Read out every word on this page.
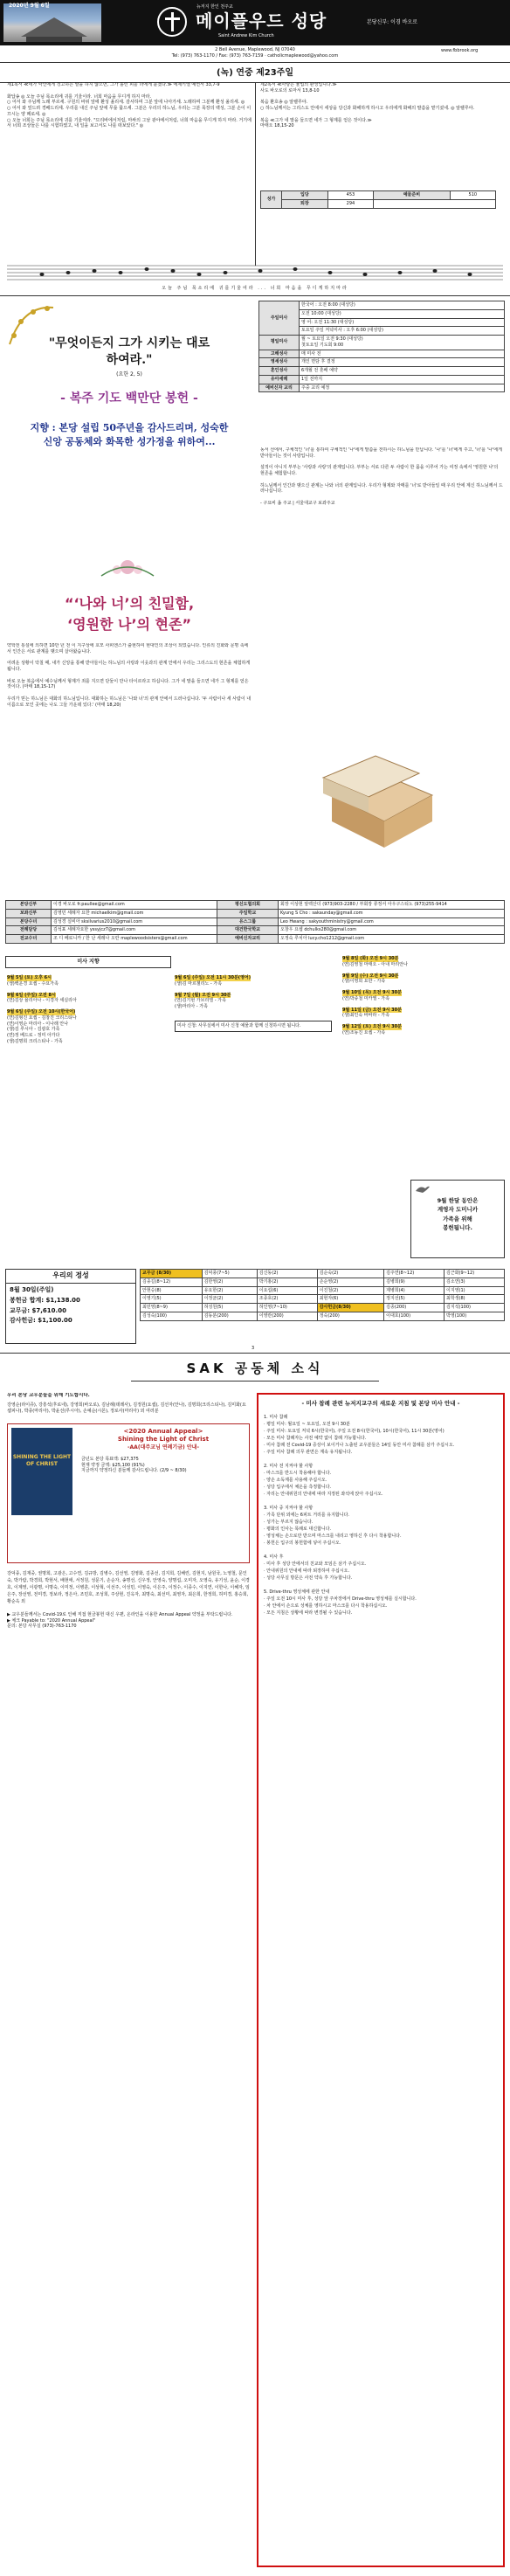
2020년 9월 6일	뉴저지 한인 천주교
메이플우드 성당
Saint Andrew Kim Church
본당신부: 이경 바오로
2 Bell Avenue, Maplewood, NJ 07040
Tel: (973) 763-1170 / Fax: (973) 763-7159 · catholicmaplewood@yahoo.com
www.fbbrook.org
(녹) 연중 제23주일
제1독서 ≪네가 악인에게 경고하는 말을 하지 않으면, 그가 흘린 피를 너에게 묻겠다.≫ 에제키엘 예언서 33,7-9

화답송 ◎ 오늘 주님 목소리에 귀를 기울이라. 너희 마음을 무디게 하지 마라.
○ 어서 와 주님께 노래 부르세. 구원의 바위 앞에 환성 올리세. 감사하며 그분 앞에 나아가세. 노래하며 그분께 환성 올리세. ◎
○ 어서 와 엎드려 경배드리세. 우리를 내신 주님 앞에 무릎 꿇으세. 그분은 우리의 하느님, 우리는 그분 목장의 백성, 그분 손이 이끄시는 양 떼로세. ◎
○ 오늘 너희는 주님 목소리에 귀를 기울여라. "므리바에서처럼, 마싸의 그날 광야에서처럼, 너희 마음을 무디게 하지 마라. 거기에서 너희 조상들은 나를 시험하였고, 내 일을 보고서도 나를 떠보았다." ◎
제2독서 ≪사랑은 율법의 완성입니다.≫
사도 바오로의 로마서 13,8-10

복음 환호송 ◎ 알렐루야.
○ 하느님께서는 그리스도 안에서 세상을 당신과 화해하게 하시고 우리에게 화해의 말씀을 맡기셨네. ◎ 알렐루야.

복음 ≪그가 네 말을 들으면 네가 그 형제를 얻은 것이다.≫
마태오 18,15-20
성가	입당	453	예물준비	510
	퇴장	294		
오늘 주님 목소리에 귀를기울여라 ... 너희 마음을 무디게하지마라
"무엇이든지 그가 시키는 대로 하여라."
(요한 2, 5)
- 복주 기도 백만단 봉헌 -
지향 : 본당 설립 50주년을 감사드리며, 성숙한 신앙 공동체와 화목한 성가정을 위하여...
주일미사	한국어 : 오전 8:00 (대성당)
	오전 10:00 (대성당)
	영 어: 오전 11:30 (대성당)
	토요일 주일 저녁미사 : 오후 6:00 (대성당)
평일미사	월 ~ 토요일 오전 9:30 (대성당)
첫토요일 기도회 9:00
고해성사	매 미사 전
영세성사	개인 면담 후 결정
혼인성사	6개월 전 혼배 예약
유아세례	1일 전까지
예비신자 교리	주중 교리 예정
“‘나와 너’의 친밀함,
‘영원한 나’의 현존”
약학전 통설에 의하면 10만 년 전 이 지구상에 호모 사피엔스가 출현하여 현대인의 조상이 되었습니다. 인류의 진화와 문명 속에서 인간은 서로 관계를 맺으며 살아왔습니다.

어려운 상황이 닥칠 때, 내가 신앙을 통해 받아들이는 하느님의 사랑과 이웃과의 관계 안에서 우리는 그리스도의 현존을 체험하게 됩니다.

바로 오늘 복음에서 예수님께서 형제가 죄를 지으면 단둘이 만나 타이르라고 하십니다. 그가 네 말을 들으면 네가 그 형제를 얻은 것이다. (마태 18,15-17)

우리가 믿는 하느님은 대화의 하느님입니다. 대화하는 하느님은 '나와 너'의 관계 안에서 드러나십니다. '두 사람이나 세 사람이 내 이름으로 모인 곳에는 나도 그들 가운데 있다.' (마태 18,20)
동서 선에서, 구체적인 '너'를 통하여 구체적인 '나'에게 말씀을 전하시는 하느님을 만납니다. '나'를 '너'에게 주고, '너'를 '나'에게 받아들이는 것이 사랑입니다.

설적이 아니지 부부는 '사랑과 사랑'의 관계입니다. 부부는 서로 다른 두 사람이 한 몸을 이루어 가는 여정 속에서 '영원한 나'의 현존을 체험합니다.

하느님께서 인간과 맺으신 관계는 나와 너의 관계입니다. 우리가 형제와 자매를 '너'로 받아들일 때 우리 안에 계신 하느님께서 드러나십니다.

- 구요비 욥 주교 | 서울대교구 보좌주교
본당신부	이경 바오로 fr.paullee@gmail.com	평신도협의회	회장 이상현 알렉산더 (973)903-2280 / 부회장 류정서 아우구스티노 (973)255-9414
보좌신부	김영민 세례자 요한 michaelkim@gmail.com	주일학교	Kyung S Cho : sakaunday@gmail.com
본당수녀	김성경 실비아 sksilvarius2010@gmail.com	유스그룹	Leo Hwang : sakyouthministry@gmail.com
전례담당	김석표 세례자요한 yssyjcz7@gmail.com	대건한국학교	오창우 요셉 dchulks280@gmail.com
전교수녀	조 디 베로니카 / 한 난 세레나 오란 maplewoodsisters@gmail.com	예비신자교리	오정숙 루치아 lucy.cho1212@gmail.com
미사 지향
9월 5일 (토) 오후 6시
(생)백운경 요셉 - 수요가족
9월 6일 (주일) 오전 8시
(연)김상 율리아나 - 이경자 세실리아
9월 6일 (주일) 오전 10시(한국어)
(연)김형진 요셉 - 김창진 크리스티나
(연)이영순 마리아 - 이나래 안나
(생)김 루시아 - 김광호 가족
(연)정 베드로 - 정미 아가다
(생)김명희 크리스티나 - 가족
9월 6일 (주일) 오전 11시 30분(영어)
(생)김 마르첼리노 - 가족
9월 7일 (월) 오전 9시 30분
(연)김기현 가브리엘 - 가족
(생)마리아 - 가족
미사 신청: 사무실에서 미사 신청 예물과 함께 신청하시면 됩니다.
9월 8일 (화) 오전 9시 30분
(연)김영철 마태오 - 아내 마리안나
9월 9일 (수) 오전 9시 30분
(생)이영희 요한 - 가족
9월 10일 (목) 오전 9시 30분
(연)박종철 미카엘 - 가족
9월 11일 (금) 오전 9시 30분
(생)최인숙 바바라 - 가족
9월 12일 (토) 오전 9시 30분
(연)조동진 요셉 - 가족
9월 한달 동안은
계영자 도미니카
가족을 위해
봉헌됩니다.
우리의 정성
8월 30일(주일)
봉헌금 합계: $1,138.00
교무금: $7,610.00
감사헌금: $1,100.00
교무금 (8/30)	김덕풍(7~5)	김신동(2)	김순숙(2)	김주연(8~12)	김근화(9~12)
김종길(8~12)	김한영(2)	박기홍(2)	손순영(2)	김병희(9)	김소연(3)
안현승(8)	유요한(2)	이요섭(6)	이진철(2)	제병희(4)	이지영(1)
이영기(5)	이정균(2)	조종호(2)	최현자(6)	정지선(5)	최학생(8)
최민영(8~9)	허성원(5)	허인영(7~10)	감사헌금(8/30)	김종(200)	김지석(100)
김성숙(100)	김동분(200)	이영란(200)	정숙(200)	이대호(100)	박영(100)
3
SAK 공동체 소식
우리 본당 교우분들을 위해 기도합시다.
강영순(라이쥬), 강흥석(후로네), 강영희(바오로), 김남례(데레사), 김정원(요셉), 김선자(안나), 김명희(크리스티나), 김미화(요셉피나), 박종(마리아), 박윤선(루시아), 손예순(시몬), 정로사(마리아) 외 여러분
SHINING THE LIGHT OF CHRIST
<2020 Annual Appeal>
Shining the Light of Christ
-AA(대주교님 연례기금) 안내-
금년도 본당 목표액: $27,375
현재 약정 금액: $25,100 (91%)
지금까지 약정하신 분들께 감사드립니다. (2/9 ~ 8/30)
강덕종, 김재중, 권명희, 고광은, 고수연, 김규방, 김병수, 김선영, 김영화, 김종선, 김지희, 김해린, 김현지, 남원국, 노영철, 문인숙, 박가람, 박경희, 박현서, 배현애, 서정원, 성문기, 손순자, 송명선, 신우정, 안영숙, 양명섭, 오미자, 오영숙, 유기성, 윤순, 이경호, 이계영, 이광명, 이명숙, 이미정, 이병훈, 이상혁, 이선주, 이성민, 이영숙, 이은주, 이정수, 이종수, 이지연, 이한나, 이혜자, 임은주, 장선영, 전미경, 정보라, 정은아, 조민호, 조성희, 주상현, 진옥자, 최명숙, 최선미, 최영자, 최은희, 한정희, 허미경, 홍승희, 황순옥 외
▶ 교우분들께서는 Covid-19로 인해 직접 현금봉헌 대신 우편, 온라인을 이용한 Annual Appeal 약정을 부탁드립니다.
▶ 체크 Payable to: "2020 Annual Appeal"
문의: 본당 사무실 (973)-763-1170
- 미사 참례 관련 뉴저지교구의 새로운 지침 및 본당 미사 안내 -
1. 미사 참례
· 평일 미사: 월요일 ~ 토요일, 오전 9시 30분
· 주일 미사: 토요일 저녁 6시(한국어), 주일 오전 8시(한국어), 10시(한국어), 11시 30분(영어)
· 모든 미사 참례자는 사전 예약 없이 참례 가능합니다.
· 미사 참례 전 Covid-19 증상이 보이거나 노출된 교우분들은 14일 동안 미사 참례를 삼가 주십시오.
· 주일 미사 참례 의무 관면은 계속 유지됩니다.

2. 미사 전 지켜야 할 사항
· 마스크를 반드시 착용해야 합니다.
· 양손 소독제를 사용해 주십시오.
· 성당 입구에서 체온을 측정합니다.
· 자리는 안내위원의 안내에 따라 지정된 좌석에 앉아 주십시오.

3. 미사 중 지켜야 할 사항
· 가족 단위 외에는 6피트 거리를 유지합니다.
· 성가는 부르지 않습니다.
· 평화의 인사는 목례로 대신합니다.
· 영성체는 손으로만 받으며 마스크를 내리고 영하신 후 다시 착용합니다.
· 봉헌은 입구의 봉헌함에 넣어 주십시오.

4. 미사 후
· 미사 후 성당 안에서의 친교와 모임은 삼가 주십시오.
· 안내위원의 안내에 따라 퇴장하여 주십시오.
· 성당 사무실 방문은 사전 약속 후 가능합니다.

5. Drive-thru 영성체에 관한 안내
· 주일 오전 10시 미사 후, 성당 앞 주차장에서 Drive-thru 영성체를 실시합니다.
· 차 안에서 손으로 성체를 영하시고 마스크를 다시 착용하십시오.
· 모든 지침은 상황에 따라 변경될 수 있습니다.
